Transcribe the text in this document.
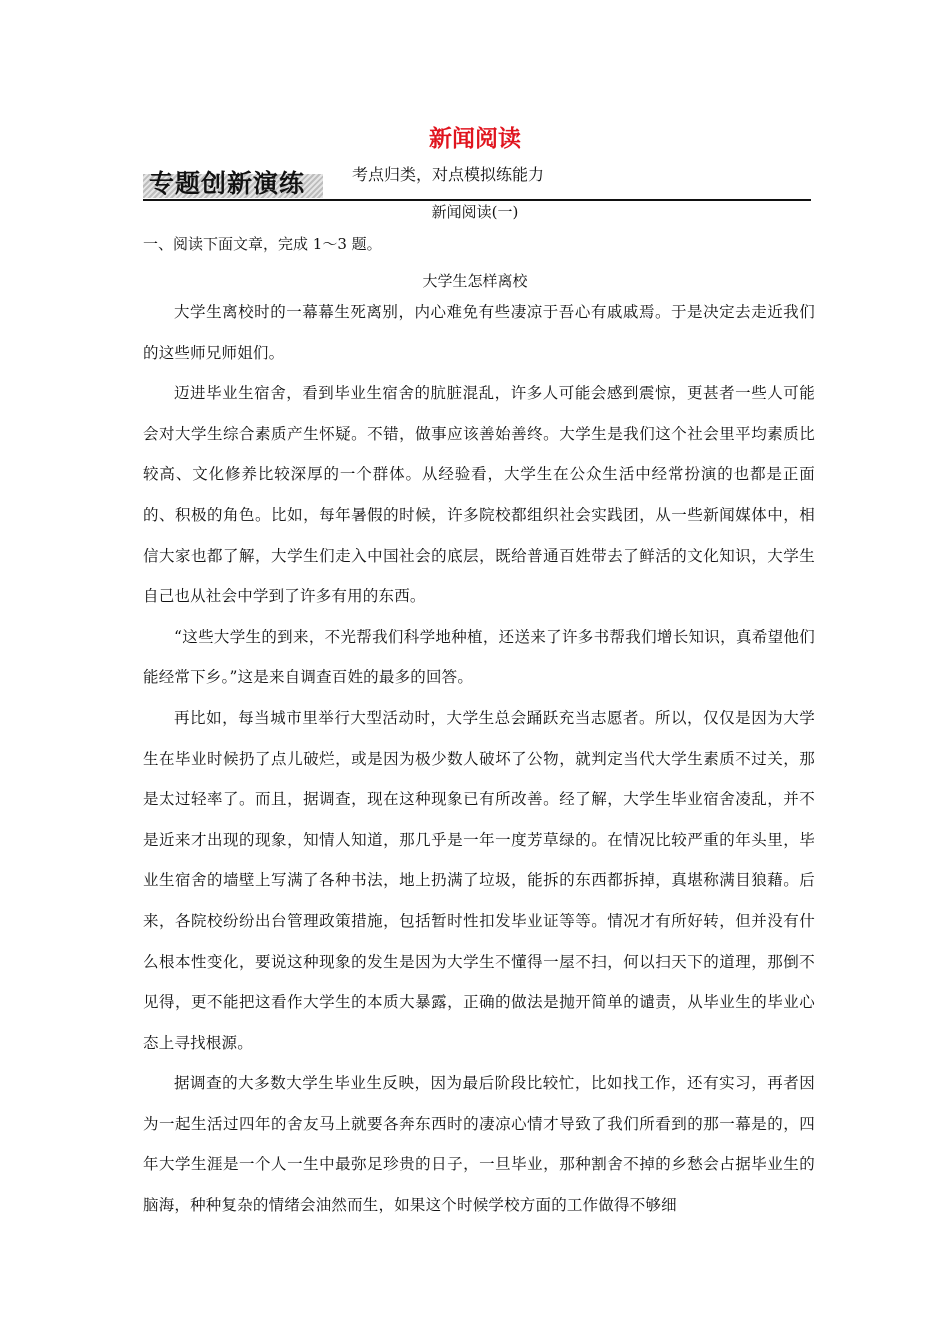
新闻阅读
专题创新演练	考点归类，对点模拟练能力
新闻阅读(一)
一、阅读下面文章，完成 1～3 题。
大学生怎样离校

大学生离校时的一幕幕生死离别，内心难免有些凄凉于吾心有戚戚焉。于是决定去走近我们的这些师兄师姐们。

迈进毕业生宿舍，看到毕业生宿舍的肮脏混乱，许多人可能会感到震惊，更甚者一些人可能会对大学生综合素质产生怀疑。不错，做事应该善始善终。大学生是我们这个社会里平均素质比较高、文化修养比较深厚的一个群体。从经验看，大学生在公众生活中经常扮演的也都是正面的、积极的角色。比如，每年暑假的时候，许多院校都组织社会实践团，从一些新闻媒体中，相信大家也都了解，大学生们走入中国社会的底层，既给普通百姓带去了鲜活的文化知识，大学生自己也从社会中学到了许多有用的东西。

“这些大学生的到来，不光帮我们科学地种植，还送来了许多书帮我们增长知识，真希望他们能经常下乡。”这是来自调查百姓的最多的回答。

再比如，每当城市里举行大型活动时，大学生总会踊跃充当志愿者。所以，仅仅是因为大学生在毕业时候扔了点儿破烂，或是因为极少数人破坏了公物，就判定当代大学生素质不过关，那是太过轻率了。而且，据调查，现在这种现象已有所改善。经了解，大学生毕业宿舍凌乱，并不是近来才出现的现象，知情人知道，那几乎是一年一度芳草绿的。在情况比较严重的年头里，毕业生宿舍的墙壁上写满了各种书法，地上扔满了垃圾，能拆的东西都拆掉，真堪称满目狼藉。后来，各院校纷纷出台管理政策措施，包括暂时性扣发毕业证等等。情况才有所好转，但并没有什么根本性变化，要说这种现象的发生是因为大学生不懂得一屋不扫，何以扫天下的道理，那倒不见得，更不能把这看作大学生的本质大暴露，正确的做法是抛开简单的谴责，从毕业生的毕业心态上寻找根源。

据调查的大多数大学生毕业生反映，因为最后阶段比较忙，比如找工作，还有实习，再者因为一起生活过四年的舍友马上就要各奔东西时的凄凉心情才导致了我们所看到的那一幕是的，四年大学生涯是一个人一生中最弥足珍贵的日子，一旦毕业，那种割舍不掉的乡愁会占据毕业生的脑海，种种复杂的情绪会油然而生，如果这个时候学校方面的工作做得不够细
